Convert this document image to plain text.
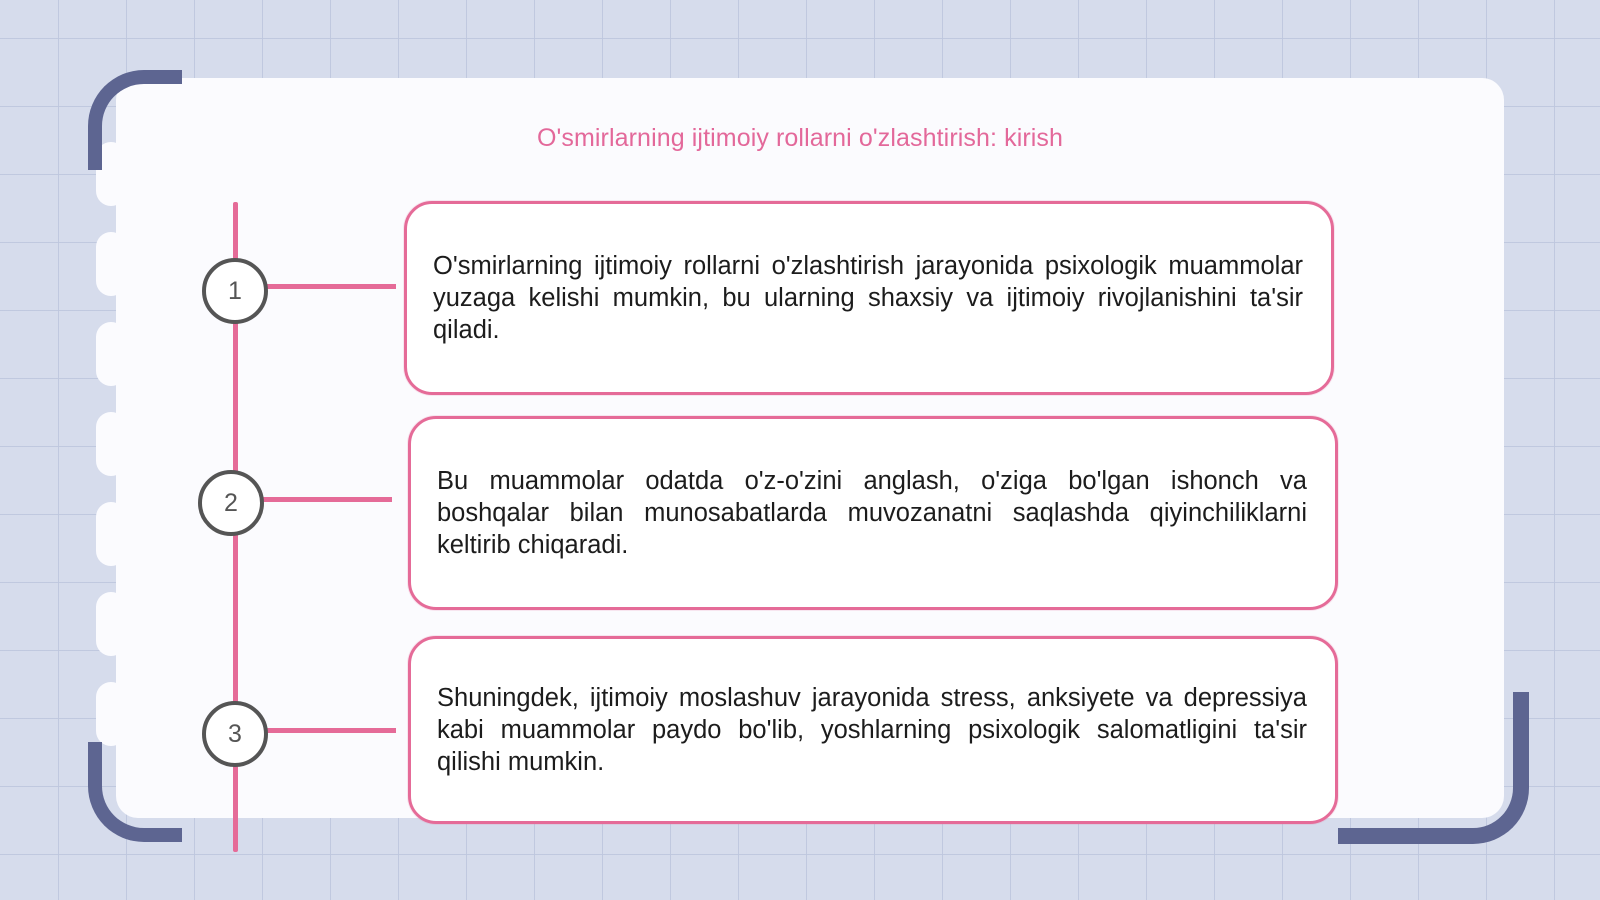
O'smirlarning ijtimoiy rollarni o'zlashtirish: kirish
1
2
3

O'smirlarning ijtimoiy rollarni o'zlashtirish jarayonida psixologik muammolar yuzaga kelishi mumkin, bu ularning shaxsiy va ijtimoiy rivojlanishini ta'sir qiladi.

Bu muammolar odatda o'z-o'zini anglash, o'ziga bo'lgan ishonch va boshqalar bilan munosabatlarda muvozanatni saqlashda qiyinchiliklarni keltirib chiqaradi.

Shuningdek, ijtimoiy moslashuv jarayonida stress, anksiyete va depressiya kabi muammolar paydo bo'lib, yoshlarning psixologik salomatligini ta'sir qilishi mumkin.
